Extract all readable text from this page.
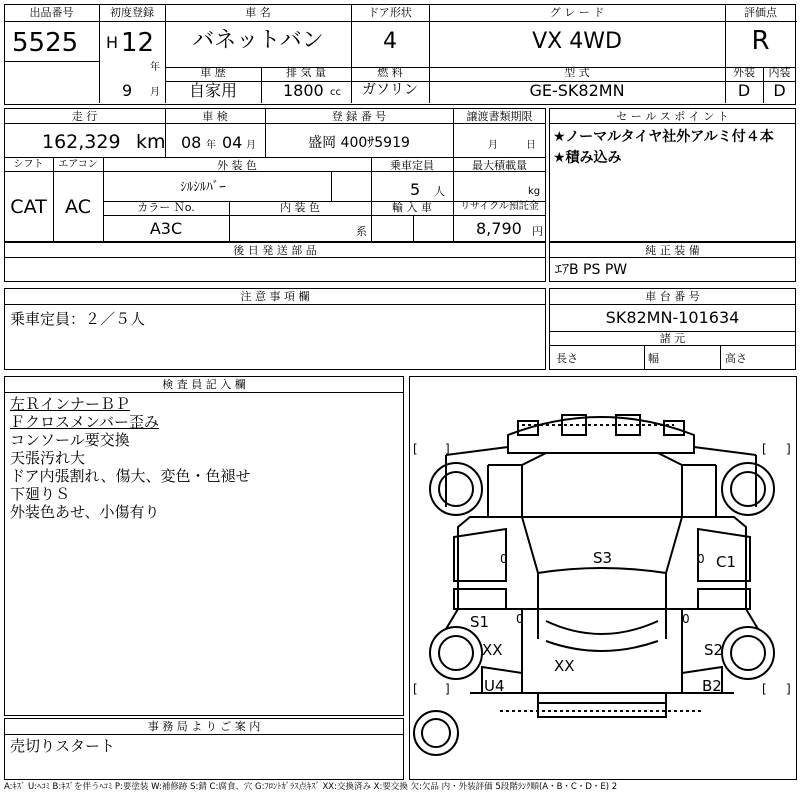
出品番号
5525
初度登録
H 12
年
9 月
車 名
バネットバン
ドア形状
4
グ レ ー ド
VX 4WD
評価点
R
車 歴
自家用
排 気 量
1800 cc
燃 料
ガソリン
型 式
GE-SK82MN
外装
D
内装
D
走 行
162,329 km
車 検
08 年 04 月
登 録 番 号
盛岡 400ｻ5919
譲渡書類期限
月	日
シフト
CAT
エアコン
AC
外 装 色
ｼﾙｼﾙﾊﾞｰ
乗車定員
5 人
最大積載量
kg
カラー Ｎo.
A3C
内 装 色
系
輸 入 車	リサイクル預託金
8,790 円
セ ー ル ス ポ イ ン ト
★ノーマルタイヤ社外アルミ付４本
★積み込み
後 日 発 送 部 品	純 正 装 備
ｴｱB PS PW
注 意 事 項 欄
乗車定員：２／５人
車 台 番 号
SK82MN-101634
諸 元
長さ	幅	高さ
検 査 員 記 入 欄
左ＲインナーＢＰ
Ｆクロスメンバー歪み
コンソール要交換
天張汚れ大
ドア内張割れ、傷大、変色・色褪せ
下廻りＳ
外装色あせ、小傷有り
事 務 局 よ り ご 案 内
売切りスタート
[ ]	[ ]
[ ]	[ ]
0	0
0	0
S3	C1
S1
S2
XX
XX
U4	B2
A:ｷｽﾞ U:ﾍｺﾐ B:ｷｽﾞを伴うﾍｺﾐ P:要塗装 W:補修跡 S:錆 C:腐食、穴 G:ﾌﾛﾝﾄｶﾞﾗｽ点ｷｽﾞ XX:交換済み X:要交換 欠:欠品 内・外装評価 5段階ﾗﾝｸ順(A・B・C・D・E) 2
